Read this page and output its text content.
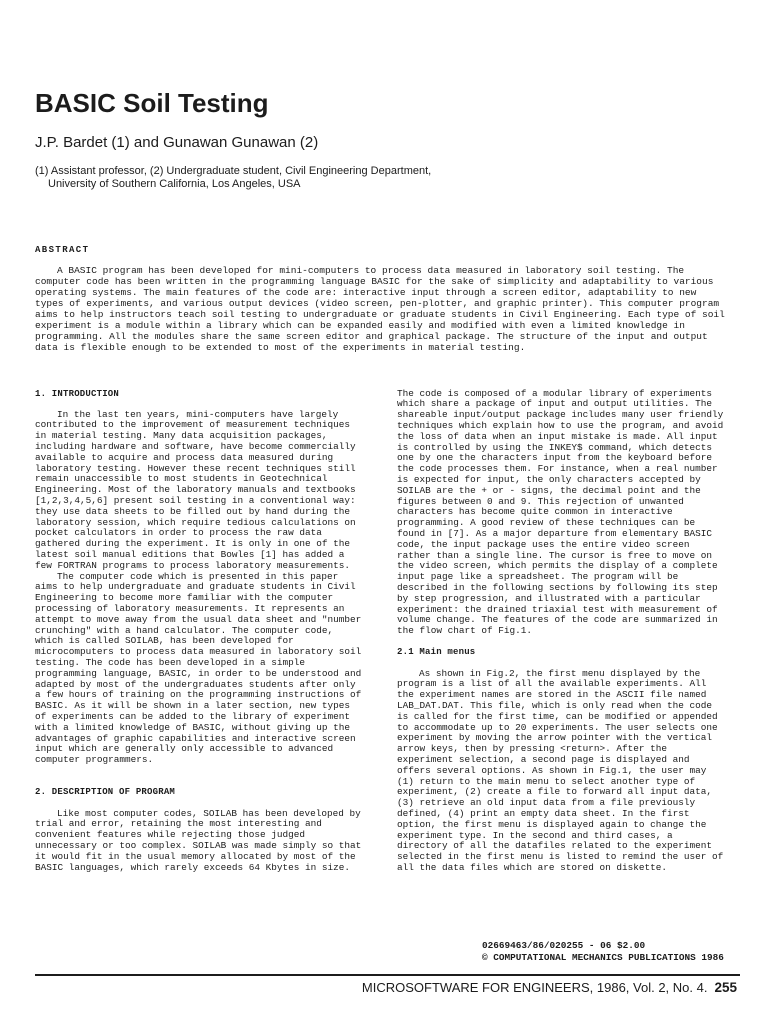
BASIC Soil Testing
J.P. Bardet (1) and Gunawan Gunawan (2)
(1) Assistant professor, (2) Undergraduate student, Civil Engineering Department,
University of Southern California, Los Angeles, USA
ABSTRACT
A BASIC program has been developed for mini-computers to process data measured in laboratory soil testing. The
computer code has been written in the programming language BASIC for the sake of simplicity and adaptability to various
operating systems. The main features of the code are: interactive input through a screen editor, adaptability to new
types of experiments, and various output devices (video screen, pen-plotter, and graphic printer). This computer program
aims to help instructors teach soil testing to undergraduate or graduate students in Civil Engineering. Each type of soil
experiment is a module within a library which can be expanded easily and modified with even a limited knowledge in
programming. All the modules share the same screen editor and graphical package. The structure of the input and output
data is flexible enough to be extended to most of the experiments in material testing.
1. INTRODUCTION
In the last ten years, mini-computers have largely
contributed to the improvement of measurement techniques
in material testing. Many data acquisition packages,
including hardware and software, have become commercially
available to acquire and process data measured during
laboratory testing. However these recent techniques still
remain unaccessible to most students in Geotechnical
Engineering. Most of the laboratory manuals and textbooks
[1,2,3,4,5,6] present soil testing in a conventional way:
they use data sheets to be filled out by hand during the
laboratory session, which require tedious calculations on
pocket calculators in order to process the raw data
gathered during the experiment. It is only in one of the
latest soil manual editions that Bowles [1] has added a
few FORTRAN programs to process laboratory measurements.
The computer code which is presented in this paper
aims to help undergraduate and graduate students in Civil
Engineering to become more familiar with the computer
processing of laboratory measurements. It represents an
attempt to move away from the usual data sheet and "number
crunching" with a hand calculator. The computer code,
which is called SOILAB, has been developed for
microcomputers to process data measured in laboratory soil
testing. The code has been developed in a simple
programming language, BASIC, in order to be understood and
adapted by most of the undergraduates students after only
a few hours of training on the programming instructions of
BASIC. As it will be shown in a later section, new types
of experiments can be added to the library of experiment
with a limited knowledge of BASIC, without giving up the
advantages of graphic capabilities and interactive screen
input which are generally only accessible to advanced
computer programmers.
2. DESCRIPTION OF PROGRAM
Like most computer codes, SOILAB has been developed by
trial and error, retaining the most interesting and
convenient features while rejecting those judged
unnecessary or too complex. SOILAB was made simply so that
it would fit in the usual memory allocated by most of the
BASIC languages, which rarely exceeds 64 Kbytes in size.
The code is composed of a modular library of experiments
which share a package of input and output utilities. The
shareable input/output package includes many user friendly
techniques which explain how to use the program, and avoid
the loss of data when an input mistake is made. All input
is controlled by using the INKEY$ command, which detects
one by one the characters input from the keyboard before
the code processes them. For instance, when a real number
is expected for input, the only characters accepted by
SOILAB are the + or - signs, the decimal point and the
figures between 0 and 9. This rejection of unwanted
characters has become quite common in interactive
programming. A good review of these techniques can be
found in [7]. As a major departure from elementary BASIC
code, the input package uses the entire video screen
rather than a single line. The cursor is free to move on
the video screen, which permits the display of a complete
input page like a spreadsheet. The program will be
described in the following sections by following its step
by step progression, and illustrated with a particular
experiment: the drained triaxial test with measurement of
volume change. The features of the code are summarized in
the flow chart of Fig.1.
2.1 Main menus
As shown in Fig.2, the first menu displayed by the
program is a list of all the available experiments. All
the experiment names are stored in the ASCII file named
LAB_DAT.DAT. This file, which is only read when the code
is called for the first time, can be modified or appended
to accommodate up to 20 experiments. The user selects one
experiment by moving the arrow pointer with the vertical
arrow keys, then by pressing <return>. After the
experiment selection, a second page is displayed and
offers several options. As shown in Fig.1, the user may
(1) return to the main menu to select another type of
experiment, (2) create a file to forward all input data,
(3) retrieve an old input data from a file previously
defined, (4) print an empty data sheet. In the first
option, the first menu is displayed again to change the
experiment type. In the second and third cases, a
directory of all the datafiles related to the experiment
selected in the first menu is listed to remind the user of
all the data files which are stored on diskette.
02669463/86/020255 - 06 $2.00
© COMPUTATIONAL MECHANICS PUBLICATIONS 1986
MICROSOFTWARE FOR ENGINEERS, 1986, Vol. 2, No. 4. 255
